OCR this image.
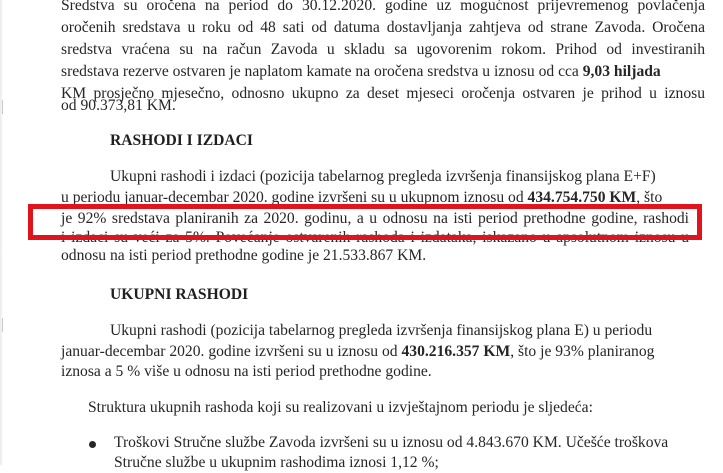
Sredstva su oročena na period do 30.12.2020. godine uz mogućnost prijevremenog povlačenja
oročenih sredstava u roku od 48 sati od datuma dostavljanja zahtjeva od strane Zavoda. Oročena
sredstva vraćena su na račun Zavoda u skladu sa ugovorenim rokom. Prihod od investiranih
sredstava rezerve ostvaren je naplatom kamate na oročena sredstva u iznosu od cca 9,03 hiljada
KM prosječno mjesečno, odnosno ukupno za deset mjeseci oročenja ostvaren je prihod u iznosu
od 90.373,81 KM.
RASHODI I IZDACI
Ukupni rashodi i izdaci (pozicija tabelarnog pregleda izvršenja finansijskog plana E+F)
u periodu januar-decembar 2020. godine izvršeni su u ukupnom iznosu od 434.754.750 KM, što
je 92% sredstava planiranih za 2020. godinu, a u odnosu na isti period prethodne godine, rashodi
i izdaci su veći za 5%. Povećanje ostvarenih rashoda i izdataka, iskazano u apsolutnom iznosu u
odnosu na isti period prethodne godine je 21.533.867 KM.
UKUPNI RASHODI
Ukupni rashodi (pozicija tabelarnog pregleda izvršenja finansijskog plana E) u periodu
januar-decembar 2020. godine izvršeni su u iznosu od 430.216.357 KM, što je 93% planiranog
iznosa a 5 % više u odnosu na isti period prethodne godine.
Struktura ukupnih rashoda koji su realizovani u izvještajnom periodu je sljedeća:
Troškovi Stručne službe Zavoda izvršeni su u iznosu od 4.843.670 KM. Učešće troškova
Stručne službe u ukupnim rashodima iznosi 1,12 %;
